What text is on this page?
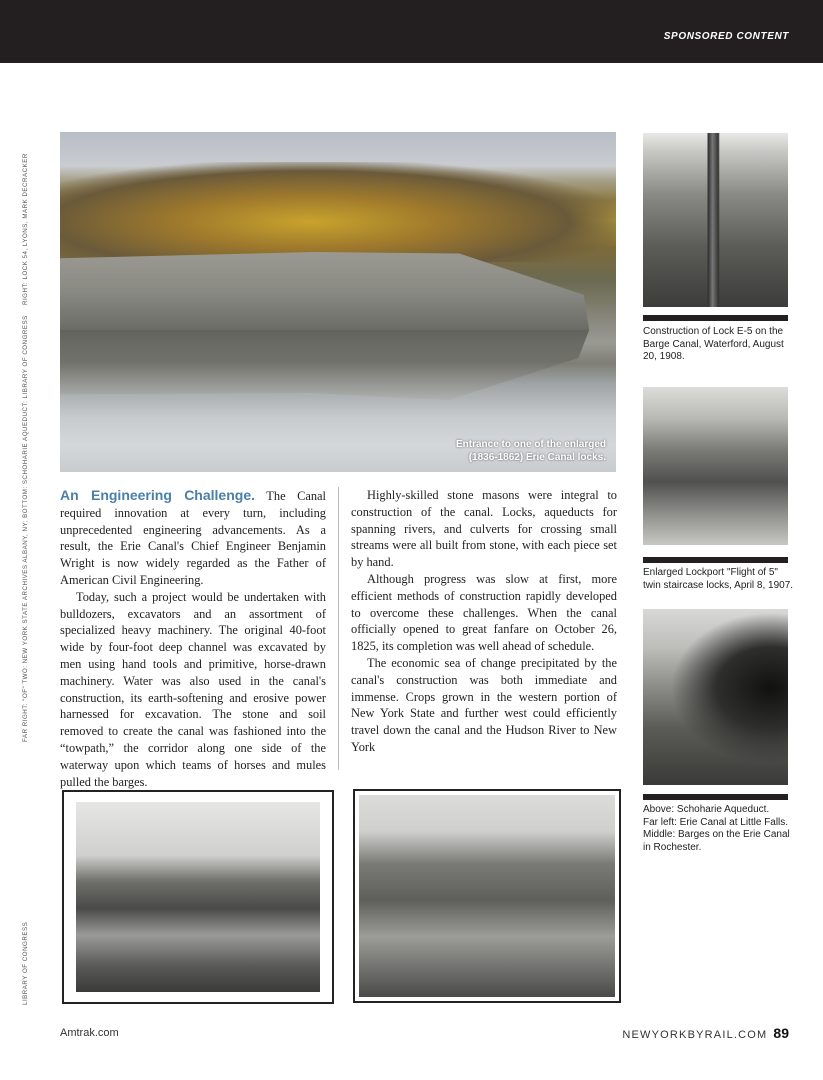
SPONSORED CONTENT
RIGHT: LOCK 54, LYONS, MARK DECRACKER
FAR RIGHT: "OF" TWO: NEW YORK STATE ARCHIVES ALBANY, NY; BOTTOM: SCHOHARIE AQUEDUCT: LIBRARY OF CONGRESS
LIBRARY OF CONGRESS
Entrance to one of the enlarged
(1836-1862) Erie Canal locks.
Construction of Lock E-5 on the Barge Canal, Waterford, August 20, 1908.
Enlarged Lockport "Flight of 5" twin staircase locks, April 8, 1907.
Above: Schoharie Aqueduct.
Far left: Erie Canal at Little Falls.
Middle: Barges on the Erie Canal in Rochester.

An Engineering Challenge. The Canal required innovation at every turn, including unprecedented engineering advancements. As a result, the Erie Canal's Chief Engineer Benjamin Wright is now widely regarded as the Father of American Civil Engineering.

Today, such a project would be undertaken with bulldozers, excavators and an assortment of specialized heavy machinery. The original 40-foot wide by four-foot deep channel was excavated by men using hand tools and primitive, horse-drawn machinery. Water was also used in the canal's construction, its earth-softening and erosive power harnessed for excavation. The stone and soil removed to create the canal was fashioned into the “towpath,” the corridor along one side of the waterway upon which teams of horses and mules pulled the barges.

Highly-skilled stone masons were integral to construction of the canal. Locks, aqueducts for spanning rivers, and culverts for crossing small streams were all built from stone, with each piece set by hand.

Although progress was slow at first, more efficient methods of construction rapidly developed to overcome these challenges. When the canal officially opened to great fanfare on October 26, 1825, its completion was well ahead of schedule.

The economic sea of change precipitated by the canal's construction was both immediate and immense. Crops grown in the western portion of New York State and further west could efficiently travel down the canal and the Hudson River to New York

Amtrak.com	NEWYORKBYRAIL.COM 89
